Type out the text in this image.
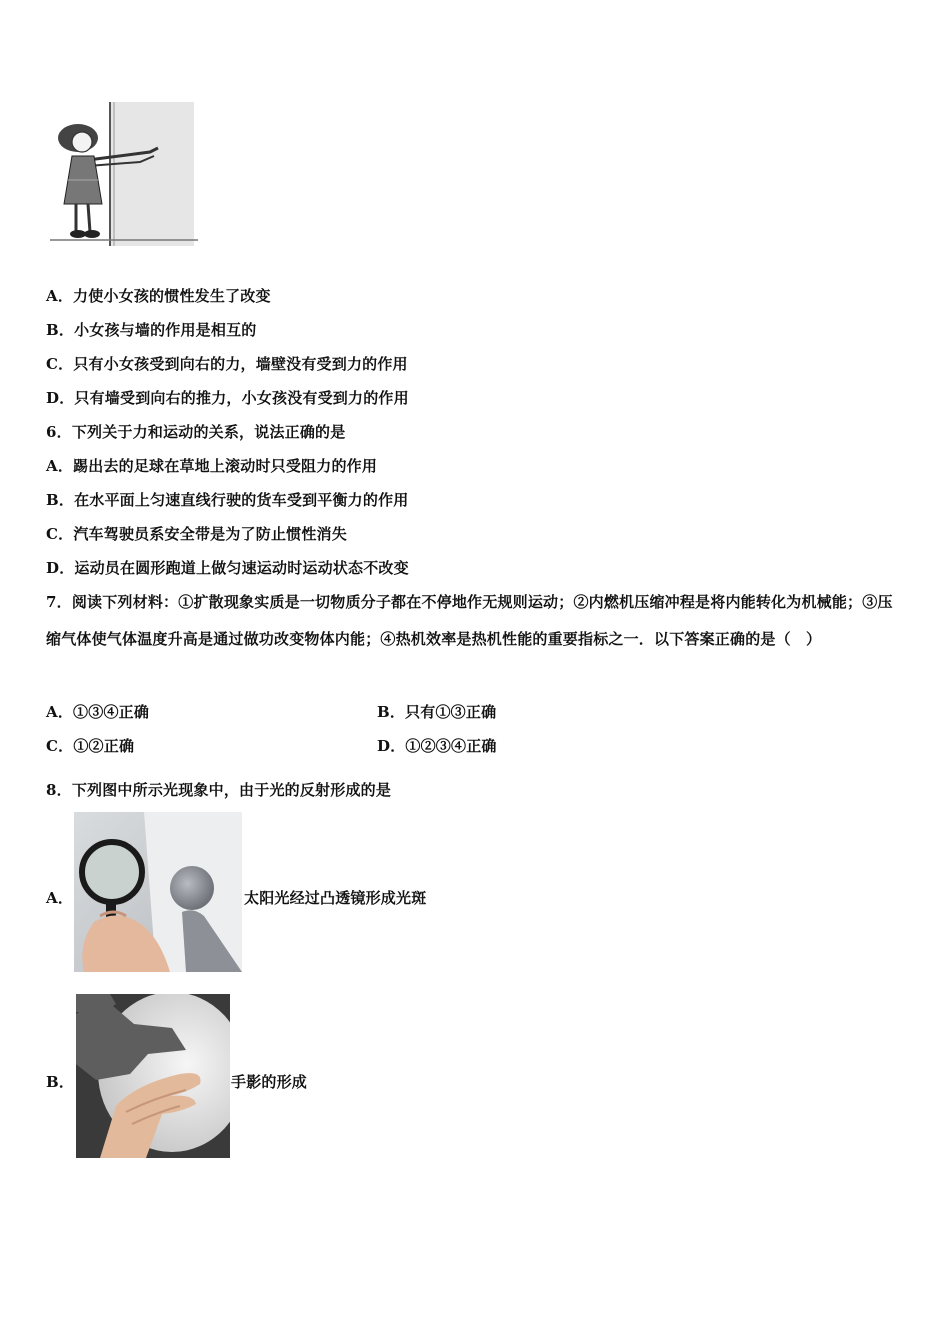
A．力使小女孩的惯性发生了改变
B．小女孩与墙的作用是相互的
C．只有小女孩受到向右的力，墙壁没有受到力的作用
D．只有墙受到向右的推力，小女孩没有受到力的作用
6．下列关于力和运动的关系，说法正确的是
A．踢出去的足球在草地上滚动时只受阻力的作用
B．在水平面上匀速直线行驶的货车受到平衡力的作用
C．汽车驾驶员系安全带是为了防止惯性消失
D．运动员在圆形跑道上做匀速运动时运动状态不改变
7．阅读下列材料：①扩散现象实质是一切物质分子都在不停地作无规则运动；②内燃机压缩冲程是将内能转化为机械能；③压缩气体使气体温度升高是通过做功改变物体内能；④热机效率是热机性能的重要指标之一．以下答案正确的是（　）
A．①③④正确	B．只有①③正确
C．①②正确	D．①②③④正确
8．下列图中所示光现象中，由于光的反射形成的是
A．	太阳光经过凸透镜形成光斑
B．	手影的形成
